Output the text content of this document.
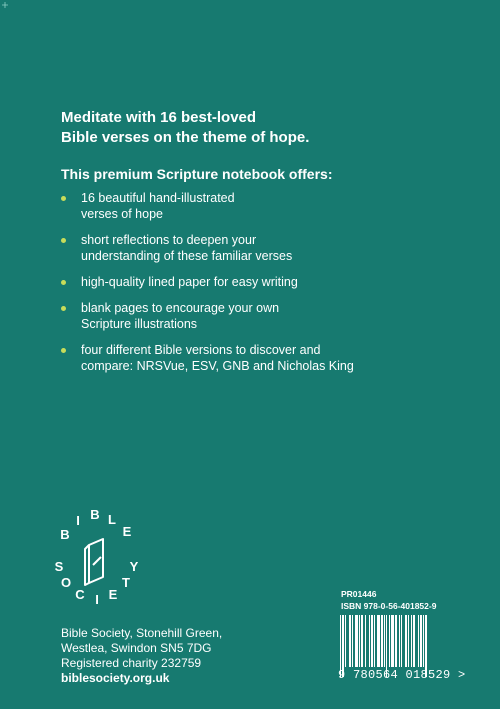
Meditate with 16 best-loved
Bible verses on the theme of hope.
This premium Scripture notebook offers:
16 beautiful hand-illustrated
verses of hope
short reflections to deepen your
understanding of these familiar verses
high-quality lined paper for easy writing
blank pages to encourage your own
Scripture illustrations
four different Bible versions to discover and
compare: NRSVue, ESV, GNB and Nicholas King
B
I B L
E
S
O
C I E
T
Y
Bible Society, Stonehill Green,
Westlea, Swindon SN5 7DG
Registered charity 232759
biblesociety.org.uk
PR01446
ISBN 978-0-56-401852-9
9 780564 018529 >
